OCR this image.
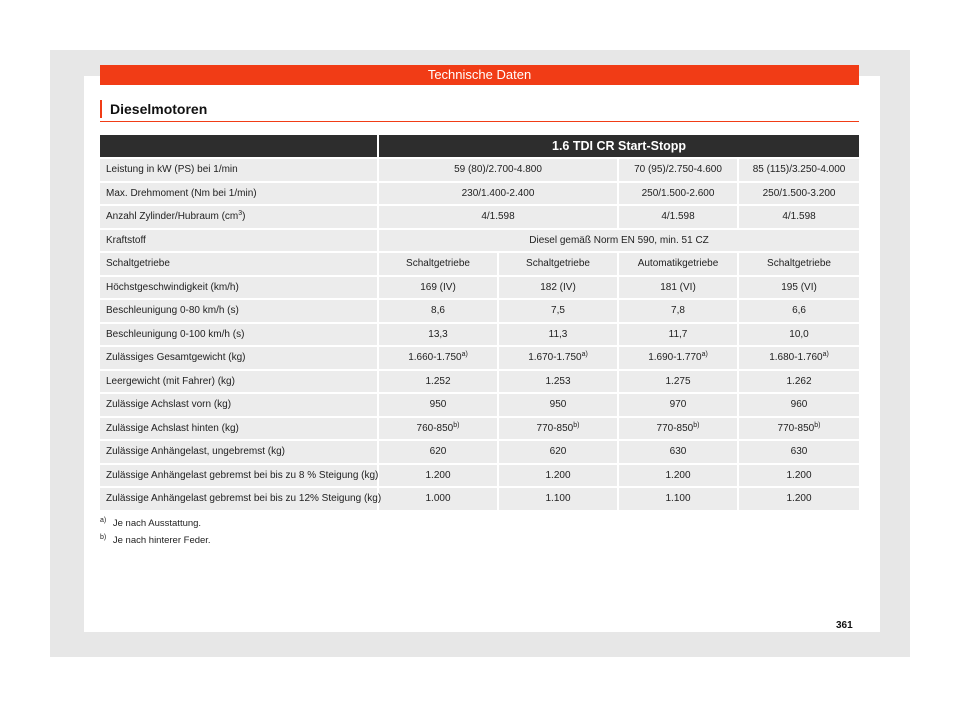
Technische Daten
Dieselmotoren
	1.6 TDI CR Start-Stopp			
Leistung in kW (PS) bei 1/min	59 (80)/2.700-4.800		70 (95)/2.750-4.600	85 (115)/3.250-4.000
Max. Drehmoment (Nm bei 1/min)	230/1.400-2.400		250/1.500-2.600	250/1.500-3.200
Anzahl Zylinder/Hubraum $(cm^3)$	4/1.598		4/1.598	4/1.598
Kraftstoff	Diesel gemäß Norm EN 590, min. 51 CZ			
Schaltgetriebe	Schaltgetriebe	Schaltgetriebe	Automatikgetriebe	Schaltgetriebe
Höchstgeschwindigkeit (km/h)	169 (IV)	182 (IV)	181 (VI)	195 (VI)
Beschleunigung 0-80 km/h (s)	8,6	7,5	7,8	6,6
Beschleunigung 0-100 km/h (s)	13,3	11,3	11,7	10,0
Zulässiges Gesamtgewicht (kg)	1.660-1.750$^{a)}$	1.670-1.750$^{a)}$	1.690-1.770$^{a)}$	1.680-1.760$^{a)}$
Leergewicht (mit Fahrer) (kg)	1.252	1.253	1.275	1.262
Zulässige Achslast vorn (kg)	950	950	970	960
Zulässige Achslast hinten (kg)	760-850$^{b)}$	770-850$^{b)}$	770-850$^{b)}$	770-850$^{b)}$
Zulässige Anhängelast, ungebremst (kg)	620	620	630	630
Zulässige Anhängelast gebremst bei bis zu 8 % Steigung (kg)	1.200	1.200	1.200	1.200
Zulässige Anhängelast gebremst bei bis zu 12% Steigung (kg)	1.000	1.100	1.100	1.200
$^{a)}$ Je nach Ausstattung.
$^{b)}$ Je nach hinterer Feder.
361
